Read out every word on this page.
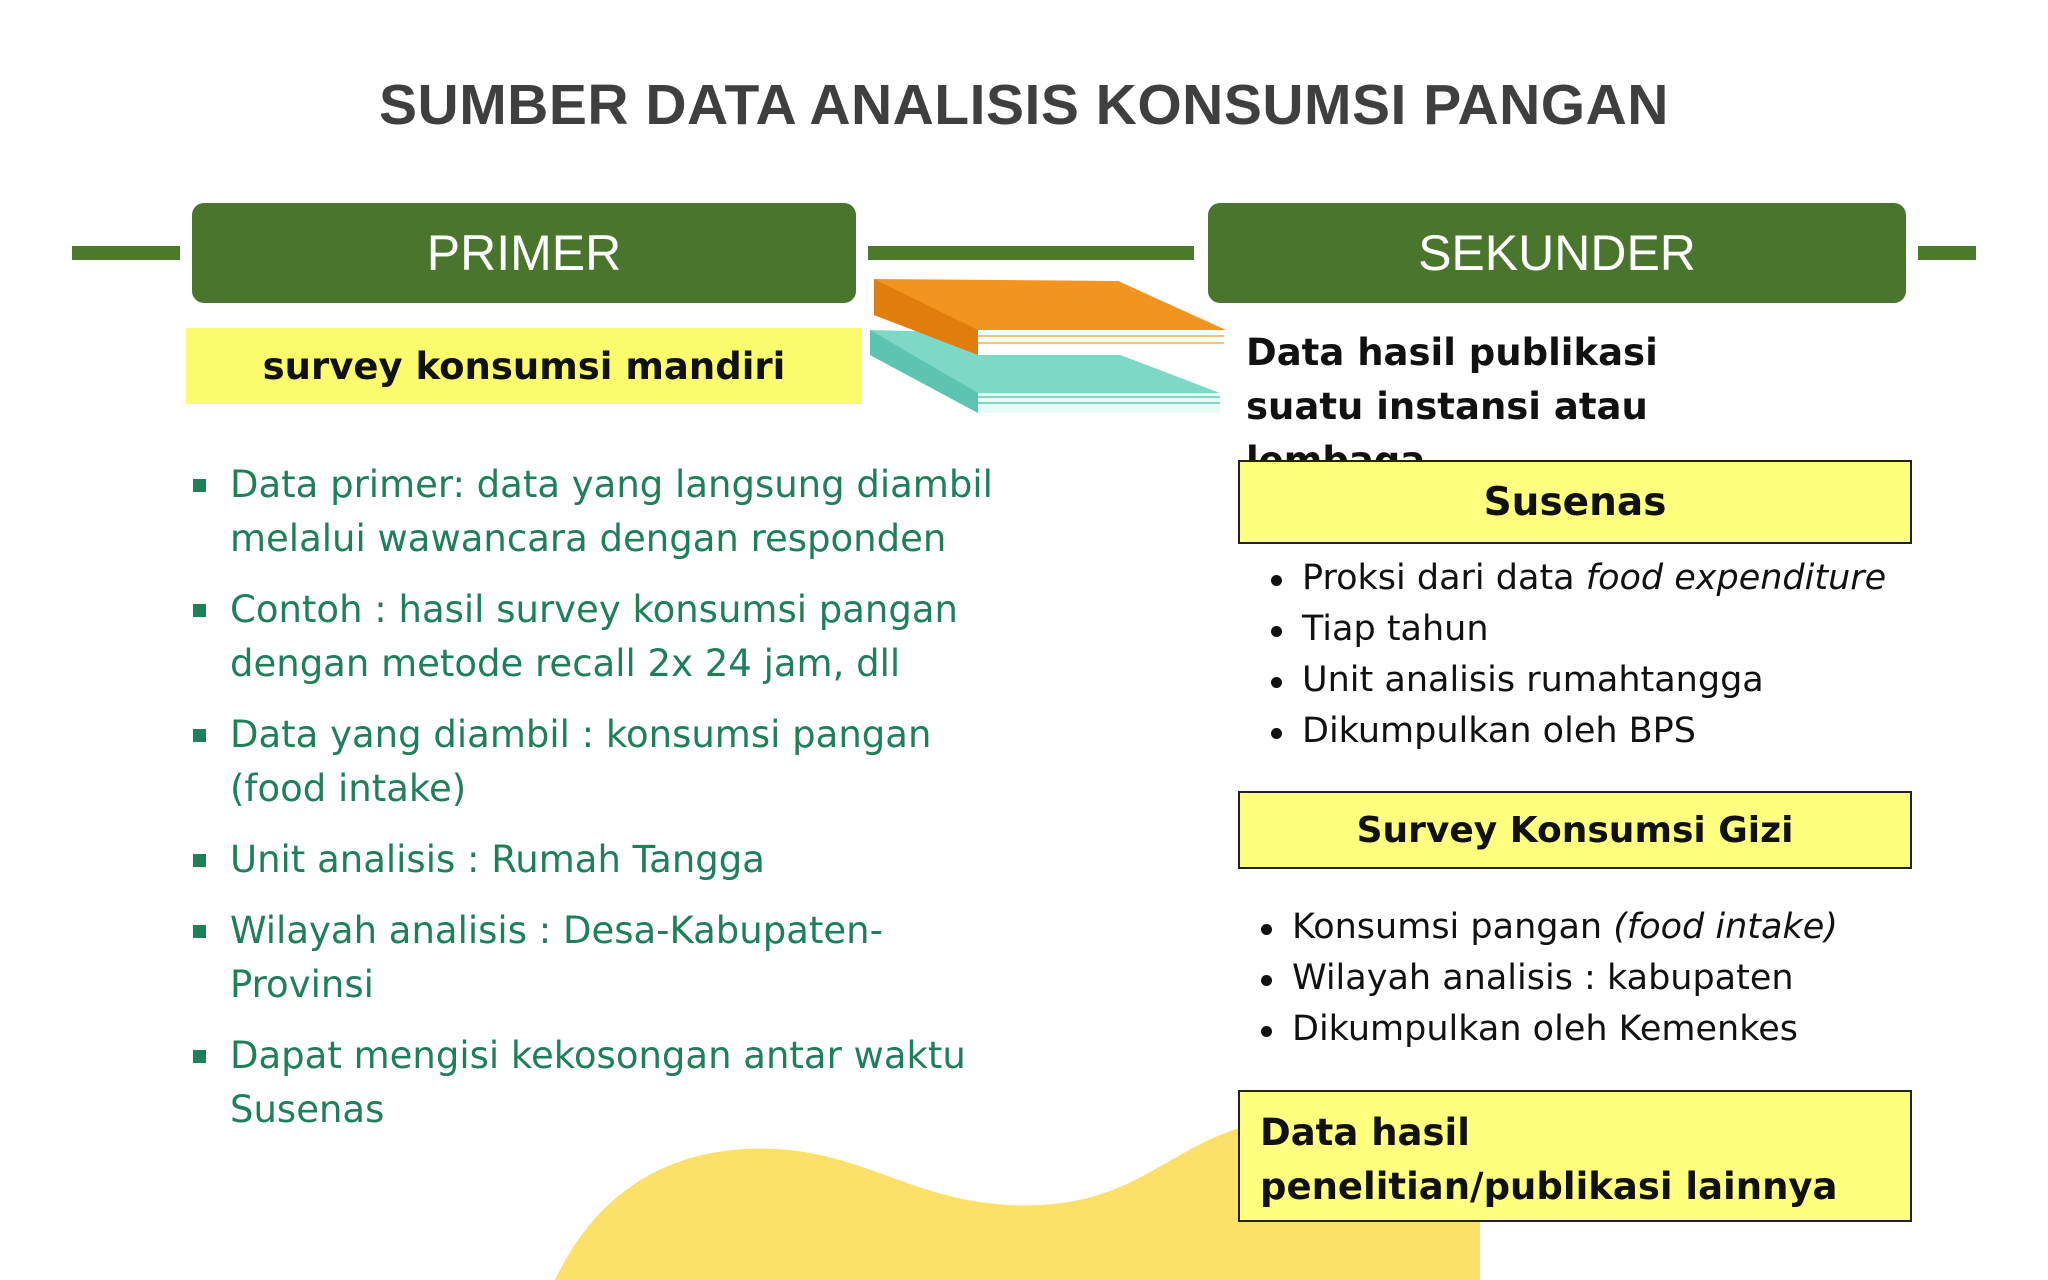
SUMBER DATA ANALISIS KONSUMSI PANGAN
PRIMER
survey konsumsi mandiri
Data primer: data yang langsung diambil melalui wawancara dengan responden
Contoh : hasil survey konsumsi pangan dengan metode recall 2x 24 jam, dll
Data yang diambil : konsumsi pangan (food intake)
Unit analisis : Rumah Tangga
Wilayah analisis : Desa-Kabupaten-Provinsi
Dapat mengisi kekosongan antar waktu Susenas
SEKUNDER
Data hasil publikasi suatu instansi atau
Susenas
Proksi dari data food expenditure
Tiap tahun
Unit analisis rumahtangga
Dikumpulkan oleh BPS
Survey Konsumsi Gizi
Konsumsi pangan (food intake)
Wilayah analisis : kabupaten
Dikumpulkan oleh Kemenkes
Data hasil penelitian/publikasi lainnya
